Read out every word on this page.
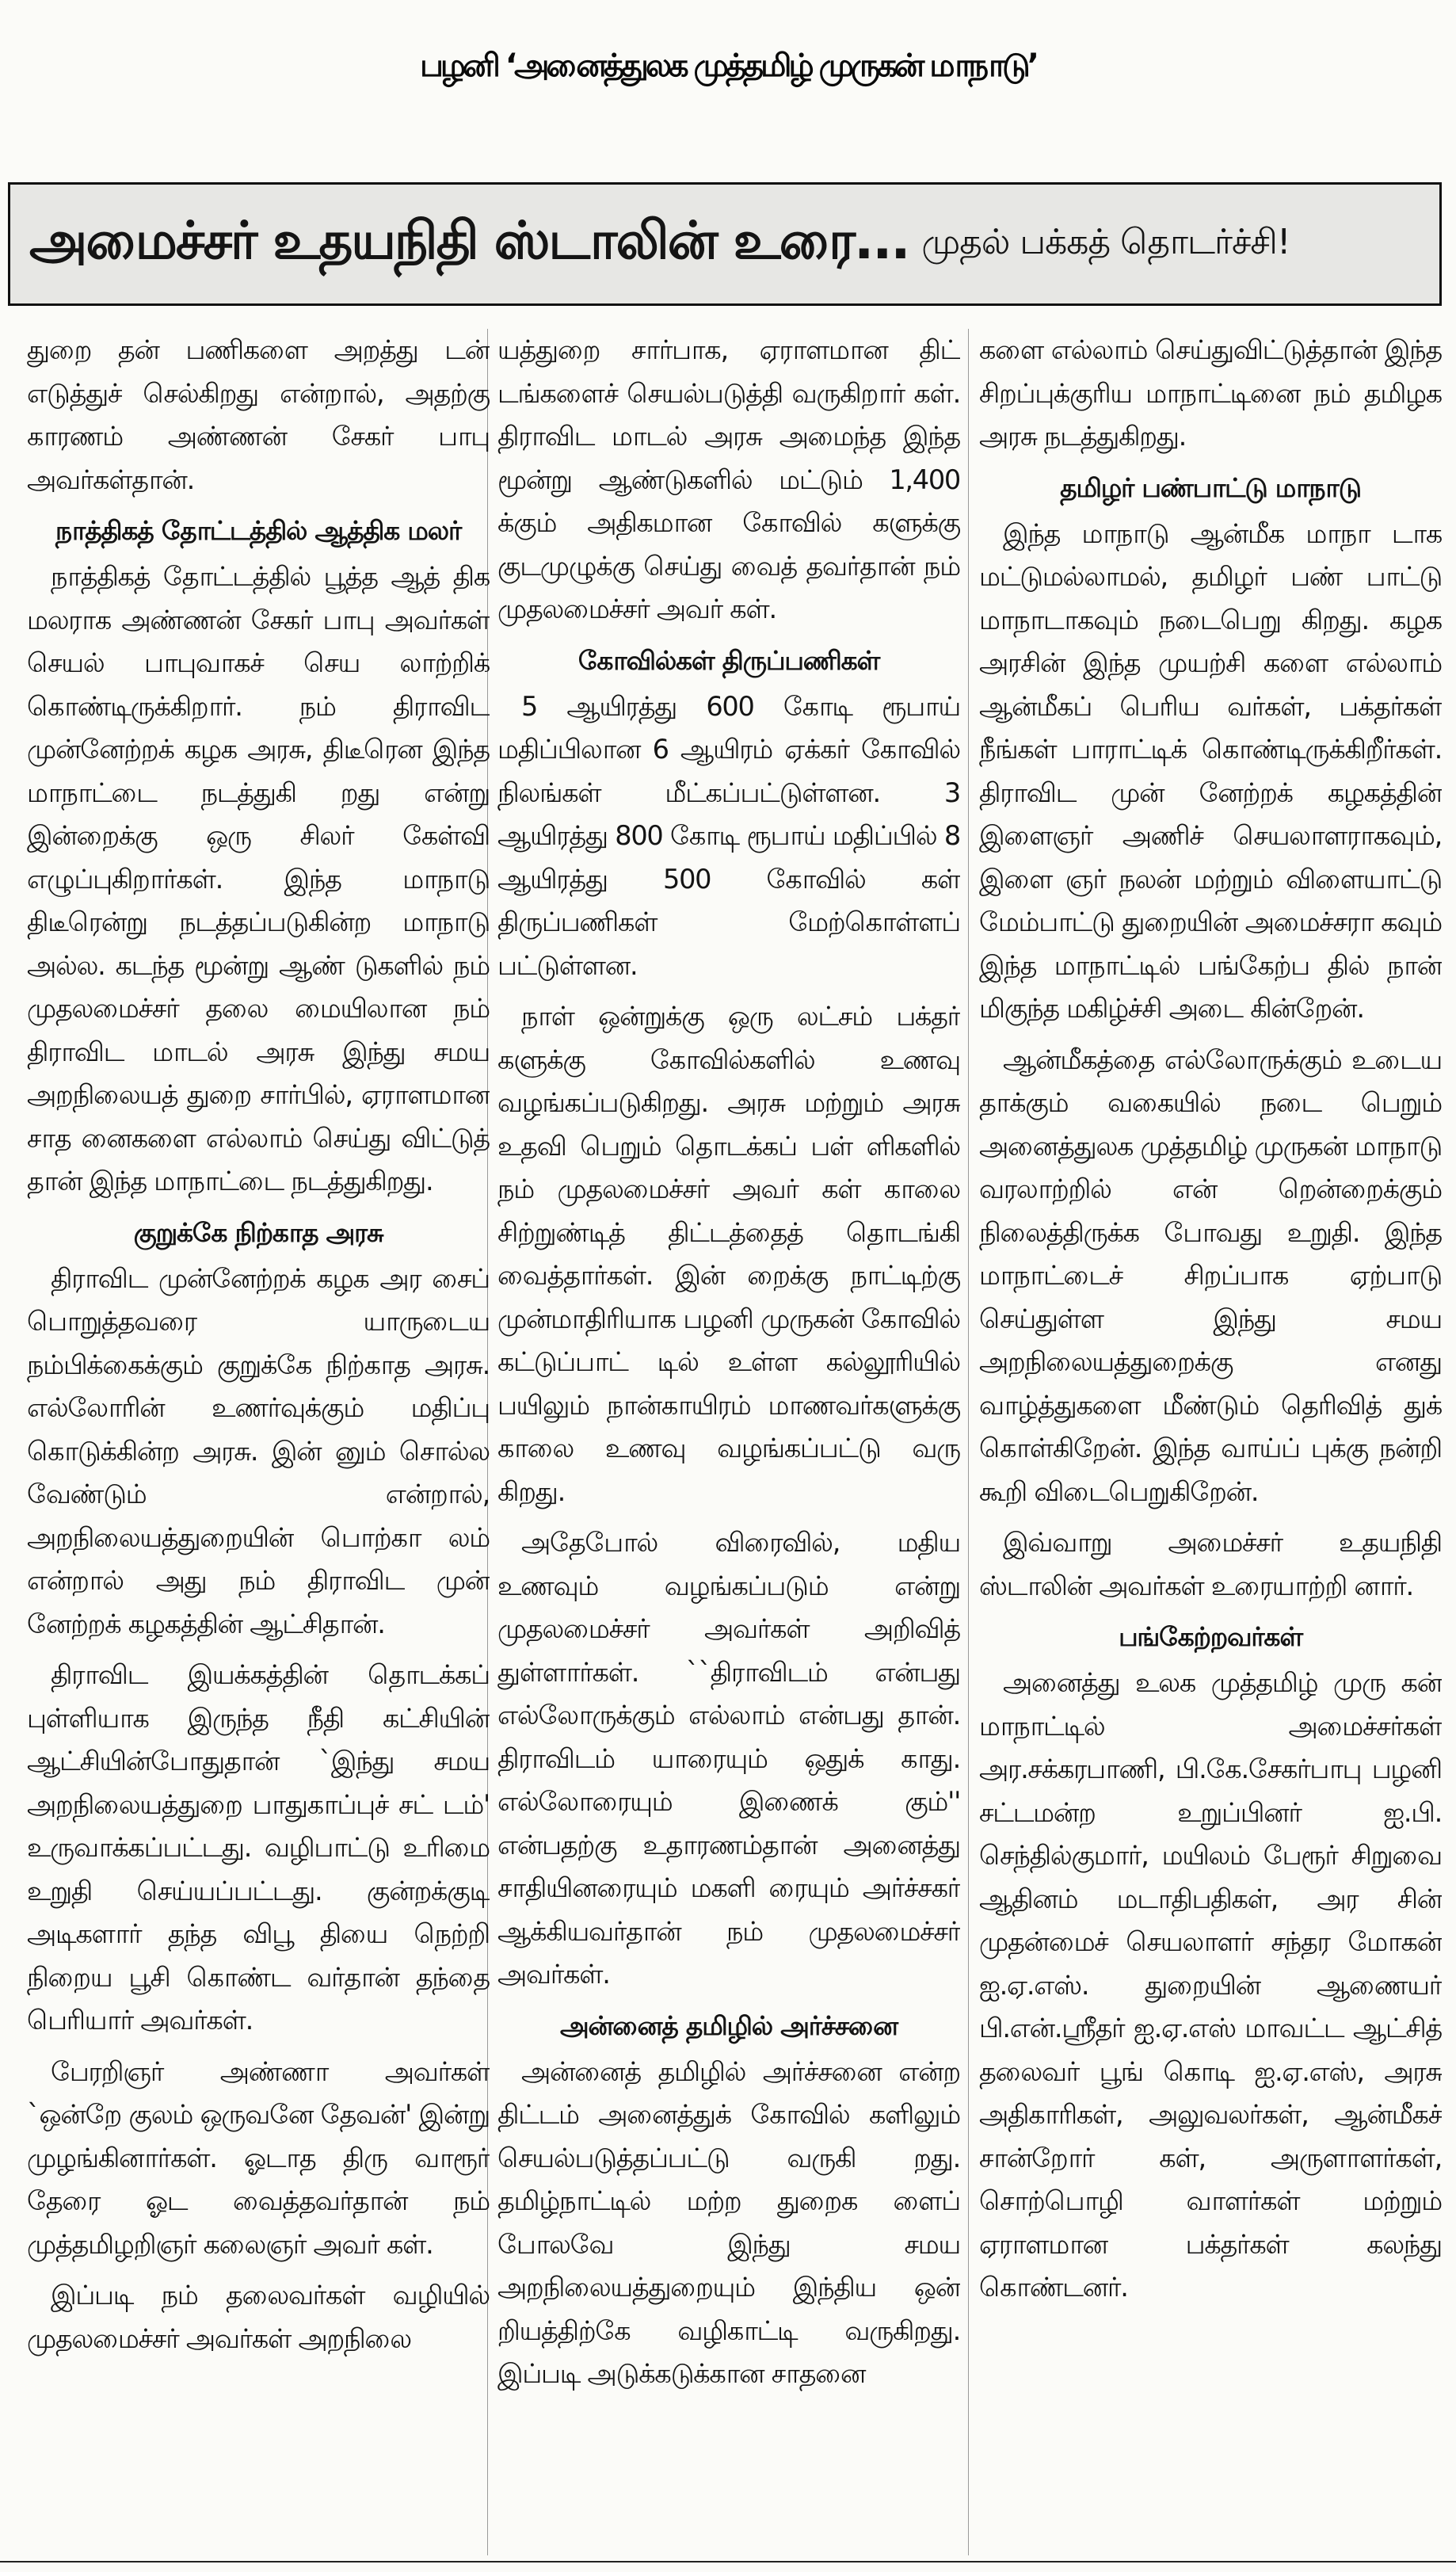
பழனி ‘அனைத்துலக முத்தமிழ் முருகன் மாநாடு’
அமைச்சர் உதயநிதி ஸ்டாலின் உரை... முதல் பக்கத் தொடர்ச்சி!

துறை தன் பணிகளை அறத்து டன் எடுத்துச் செல்கிறது என்றால், அதற்கு காரணம் அண்ணன் சேகர் பாபு அவர்கள்தான்.

நாத்திகத் தோட்டத்தில் ஆத்திக மலர்

நாத்திகத் தோட்டத்தில் பூத்த ஆத் திக மலராக அண்ணன் சேகர் பாபு அவர்கள் செயல் பாபுவாகச் செய லாற்றிக் கொண்டிருக்கிறார். நம் திராவிட முன்னேற்றக் கழக அரசு, திடீரென இந்த மாநாட்டை நடத்துகி றது என்று இன்றைக்கு ஒரு சிலர் கேள்வி எழுப்புகிறார்கள். இந்த மாநாடு திடீரென்று நடத்தப்படுகின்ற மாநாடு அல்ல. கடந்த மூன்று ஆண் டுகளில் நம் முதலமைச்சர் தலை மையிலான நம் திராவிட மாடல் அரசு இந்து சமய அறநிலையத் துறை சார்பில், ஏராளமான சாத னைகளை எல்லாம் செய்து விட்டுத் தான் இந்த மாநாட்டை நடத்துகிறது.

குறுக்கே நிற்காத அரசு

திராவிட முன்னேற்றக் கழக அர சைப் பொறுத்தவரை யாருடைய நம்பிக்கைக்கும் குறுக்கே நிற்காத அரசு. எல்லோரின் உணர்வுக்கும் மதிப்பு கொடுக்கின்ற அரசு. இன் னும் சொல்ல வேண்டும் என்றால், அறநிலையத்துறையின் பொற்கா லம் என்றால் அது நம் திராவிட முன் னேற்றக் கழகத்தின் ஆட்சிதான்.

திராவிட இயக்கத்தின் தொடக்கப் புள்ளியாக இருந்த நீதி கட்சியின் ஆட்சியின்போதுதான் `இந்து சமய அறநிலையத்துறை பாதுகாப்புச் சட் டம்' உருவாக்கப்பட்டது. வழிபாட்டு உரிமை உறுதி செய்யப்பட்டது. குன்றக்குடி அடிகளார் தந்த விபூ தியை நெற்றி நிறைய பூசி கொண்ட வர்தான் தந்தை பெரியார் அவர்கள்.

பேரறிஞர் அண்ணா அவர்கள் `ஒன்றே குலம் ஒருவனே தேவன்' இன்று முழங்கினார்கள். ஓடாத திரு வாரூர் தேரை ஓட வைத்தவர்தான் நம் முத்தமிழறிஞர் கலைஞர் அவர் கள்.

இப்படி நம் தலைவர்கள் வழியில் முதலமைச்சர் அவர்கள் அறநிலை

யத்துறை சார்பாக, ஏராளமான திட் டங்களைச் செயல்படுத்தி வருகிறார் கள். திராவிட மாடல் அரசு அமைந்த இந்த மூன்று ஆண்டுகளில் மட்டும் 1,400 க்கும் அதிகமான கோவில் களுக்கு குடமுழுக்கு செய்து வைத் தவர்தான் நம் முதலமைச்சர் அவர் கள்.

கோவில்கள் திருப்பணிகள்

5 ஆயிரத்து 600 கோடி ரூபாய் மதிப்பிலான 6 ஆயிரம் ஏக்கர் கோவில் நிலங்கள் மீட்கப்பட்டுள்ளன. 3 ஆயிரத்து 800 கோடி ரூபாய் மதிப்பில் 8 ஆயிரத்து 500 கோவில் கள் திருப்பணிகள் மேற்கொள்ளப் பட்டுள்ளன.

நாள் ஒன்றுக்கு ஒரு லட்சம் பக்தர் களுக்கு கோவில்களில் உணவு வழங்கப்படுகிறது. அரசு மற்றும் அரசு உதவி பெறும் தொடக்கப் பள் ளிகளில் நம் முதலமைச்சர் அவர் கள் காலை சிற்றுண்டித் திட்டத்தைத் தொடங்கி வைத்தார்கள். இன் றைக்கு நாட்டிற்கு முன்மாதிரியாக பழனி முருகன் கோவில் கட்டுப்பாட் டில் உள்ள கல்லூரியில் பயிலும் நான்காயிரம் மாணவர்களுக்கு காலை உணவு வழங்கப்பட்டு வரு கிறது.

அதேபோல் விரைவில், மதிய உணவும் வழங்கப்படும் என்று முதலமைச்சர் அவர்கள் அறிவித் துள்ளார்கள். ``திராவிடம் என்பது எல்லோருக்கும் எல்லாம் என்பது தான். திராவிடம் யாரையும் ஒதுக் காது. எல்லோரையும் இணைக் கும்'' என்பதற்கு உதாரணம்தான் அனைத்து சாதியினரையும் மகளி ரையும் அர்ச்சகர் ஆக்கியவர்தான் நம் முதலமைச்சர் அவர்கள்.

அன்னைத் தமிழில் அர்ச்சனை

அன்னைத் தமிழில் அர்ச்சனை என்ற திட்டம் அனைத்துக் கோவில் களிலும் செயல்படுத்தப்பட்டு வருகி றது. தமிழ்நாட்டில் மற்ற துறைக ளைப் போலவே இந்து சமய அறநிலையத்துறையும் இந்திய ஒன் றியத்திற்கே வழிகாட்டி வருகிறது. இப்படி அடுக்கடுக்கான சாதனை

களை எல்லாம் செய்துவிட்டுத்தான் இந்த சிறப்புக்குரிய மாநாட்டினை நம் தமிழக அரசு நடத்துகிறது.

தமிழர் பண்பாட்டு மாநாடு

இந்த மாநாடு ஆன்மீக மாநா டாக மட்டுமல்லாமல், தமிழர் பண் பாட்டு மாநாடாகவும் நடைபெறு கிறது. கழக அரசின் இந்த முயற்சி களை எல்லாம் ஆன்மீகப் பெரிய வர்கள், பக்தர்கள் நீங்கள் பாராட்டிக் கொண்டிருக்கிறீர்கள். திராவிட முன் னேற்றக் கழகத்தின் இளைஞர் அணிச் செயலாளராகவும், இளை ஞர் நலன் மற்றும் விளையாட்டு மேம்பாட்டு துறையின் அமைச்சரா கவும் இந்த மாநாட்டில் பங்கேற்ப தில் நான் மிகுந்த மகிழ்ச்சி அடை கின்றேன்.

ஆன்மீகத்தை எல்லோருக்கும் உடைய தாக்கும் வகையில் நடை பெறும் அனைத்துலக முத்தமிழ் முருகன் மாநாடு வரலாற்றில் என் றென்றைக்கும் நிலைத்திருக்க போவது உறுதி. இந்த மாநாட்டைச் சிறப்பாக ஏற்பாடு செய்துள்ள இந்து சமய அறநிலையத்துறைக்கு எனது வாழ்த்துகளை மீண்டும் தெரிவித் துக் கொள்கிறேன். இந்த வாய்ப் புக்கு நன்றி கூறி விடைபெறுகிறேன்.

இவ்வாறு அமைச்சர் உதயநிதி ஸ்டாலின் அவர்கள் உரையாற்றி னார்.

பங்கேற்றவர்கள்

அனைத்து உலக முத்தமிழ் முரு கன் மாநாட்டில் அமைச்சர்கள் அர.சக்கரபாணி, பி.கே.சேகர்பாபு பழனி சட்டமன்ற உறுப்பினர் ஐ.பி. செந்தில்குமார், மயிலம் பேரூர் சிறுவை ஆதினம் மடாதிபதிகள், அர சின் முதன்மைச் செயலாளர் சந்தர மோகன் ஐ.ஏ.எஸ். துறையின் ஆணையர் பி.என்.ஸ்ரீதர் ஐ.ஏ.எஸ் மாவட்ட ஆட்சித் தலைவர் பூங் கொடி ஐ.ஏ.எஸ், அரசு அதிகாரிகள், அலுவலர்கள், ஆன்மீகச் சான்றோர் கள், அருளாளர்கள், சொற்பொழி வாளர்கள் மற்றும் ஏராளமான பக்தர்கள் கலந்து கொண்டனர்.
